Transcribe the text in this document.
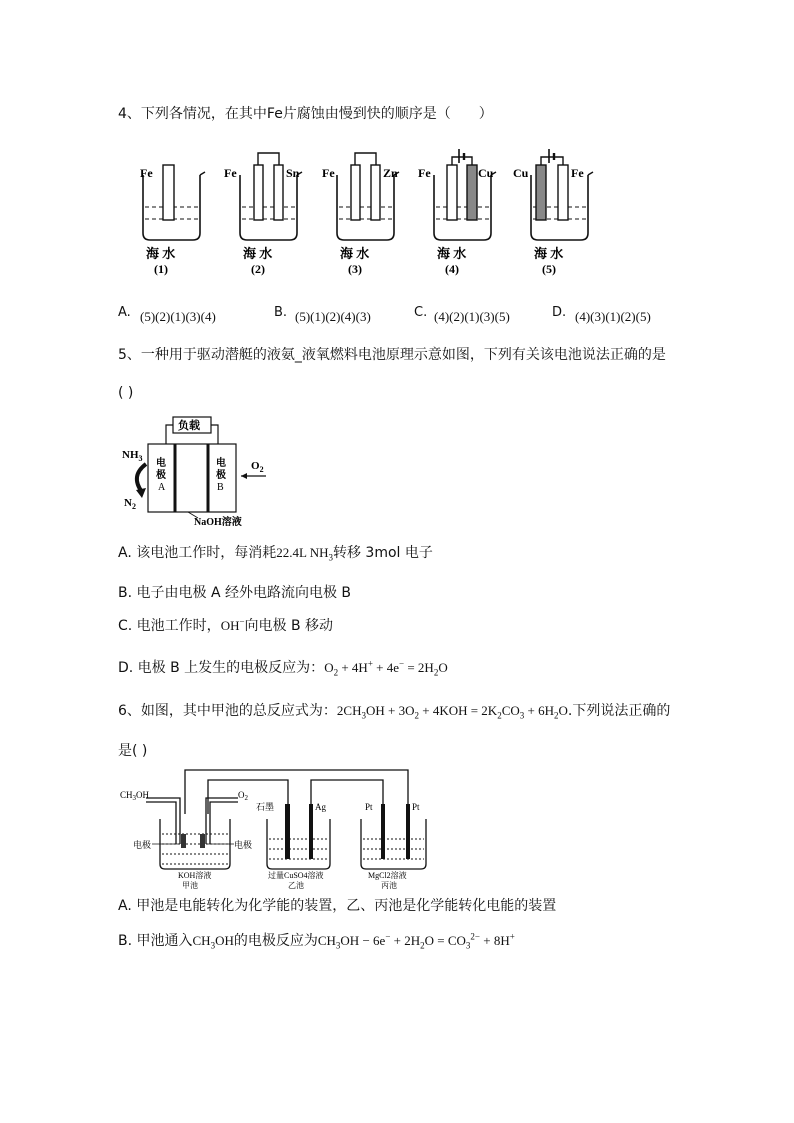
4、下列各情况，在其中Fe片腐蚀由慢到快的顺序是（　　）
Fe
海 水
(1)
Fe	Sn
海 水
(2)
Fe	Zn
海 水
(3)
Fe	Cu
海 水
(4)
Cu	Fe
海 水
(5)
A. (5)(2)(1)(3)(4)	B. (5)(1)(2)(4)(3)	C. (4)(2)(1)(3)(5)	D. (4)(3)(1)(2)(5)
5、一种用于驱动潜艇的液氨_液氧燃料电池原理示意如图，下列有关该电池说法正确的是
( )
负载
电
极
A
电
极
B
$NH_3$
$N_2$
$O_2$
NaOH溶液
A. 该电池工作时，每消耗22.4L $NH_3$转移 3mol 电子
B. 电子由电极 A 经外电路流向电极 B
C. 电池工作时，OH−向电极 B 移动
D. 电极 B 上发生的电极反应为：$O_2 + 4H^+ + 4e^- = 2H_2O$
6、如图，其中甲池的总反应式为：$2CH_3OH + 3O_2 + 4KOH = 2K_2CO_3 + 6H_2O$.下列说法正确的
是( )
$CH_3OH$	$O_2$
电极	电极
KOH溶液
甲池
石墨	Ag
过量CuSO4溶液
乙池
Pt	Pt
MgCl2溶液
丙池
A. 甲池是电能转化为化学能的装置，乙、丙池是化学能转化电能的装置
B. 甲池通入$CH_3OH$的电极反应为$CH_3OH - 6e^- + 2H_2O = CO_3^{2-} + 8H^+$
